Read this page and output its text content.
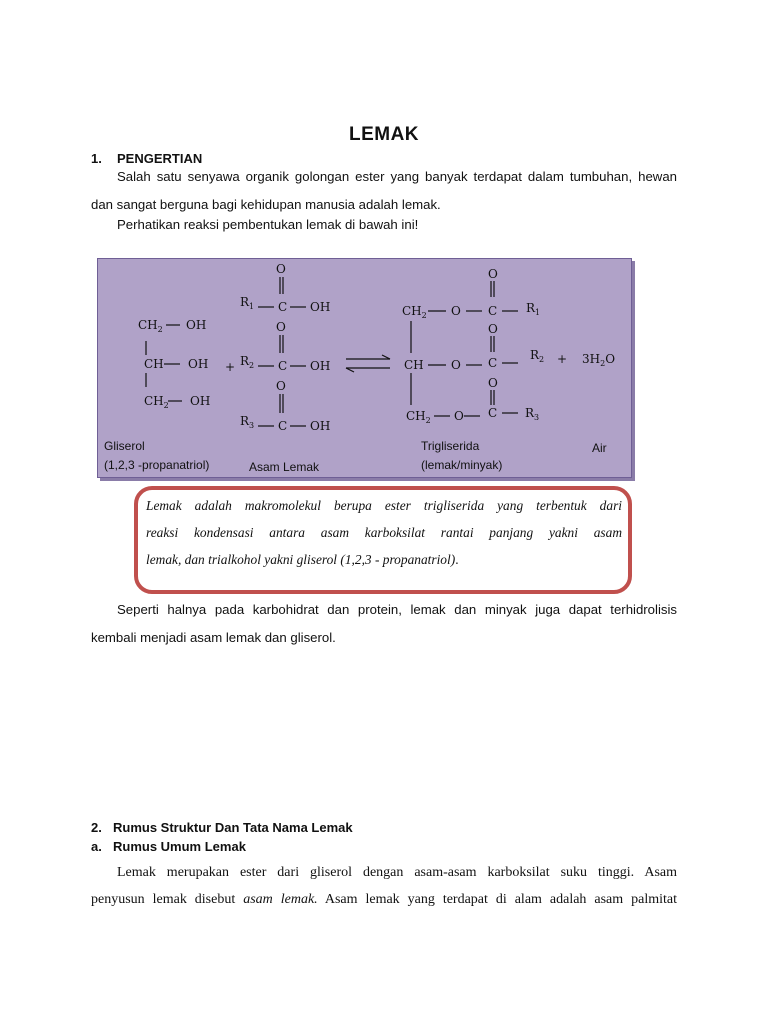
LEMAK
1. PENGERTIAN
Salah satu senyawa organik golongan ester yang banyak terdapat dalam tumbuhan, hewan
dan sangat berguna bagi kehidupan manusia adalah lemak.
Perhatikan reaksi pembentukan lemak di bawah ini!
$CH_2$ OH
CH OH
$CH_2$ OH
+
O
$R_1$ C OH
O
$R_2$ C OH
O
$R_3$ C OH
O
$CH_2$ O C $R_1$
O
CH O C
$R_2$
O
$CH_2$ O C $R_3$
+ $3H_2O$
Gliserol
(1,2,3 -propanatriol)	Asam Lemak
Trigliserida
(lemak/minyak)
Air
Lemak adalah makromolekul berupa ester trigliserida yang terbentuk dari
reaksi kondensasi antara asam karboksilat rantai panjang yakni asam
lemak, dan trialkohol yakni gliserol (1,2,3 - propanatriol).
Seperti halnya pada karbohidrat dan protein, lemak dan minyak juga dapat terhidrolisis
kembali menjadi asam lemak dan gliserol.
2. Rumus Struktur Dan Tata Nama Lemak
a. Rumus Umum Lemak
Lemak merupakan ester dari gliserol dengan asam-asam karboksilat suku tinggi. Asam
penyusun lemak disebut asam lemak. Asam lemak yang terdapat di alam adalah asam palmitat
